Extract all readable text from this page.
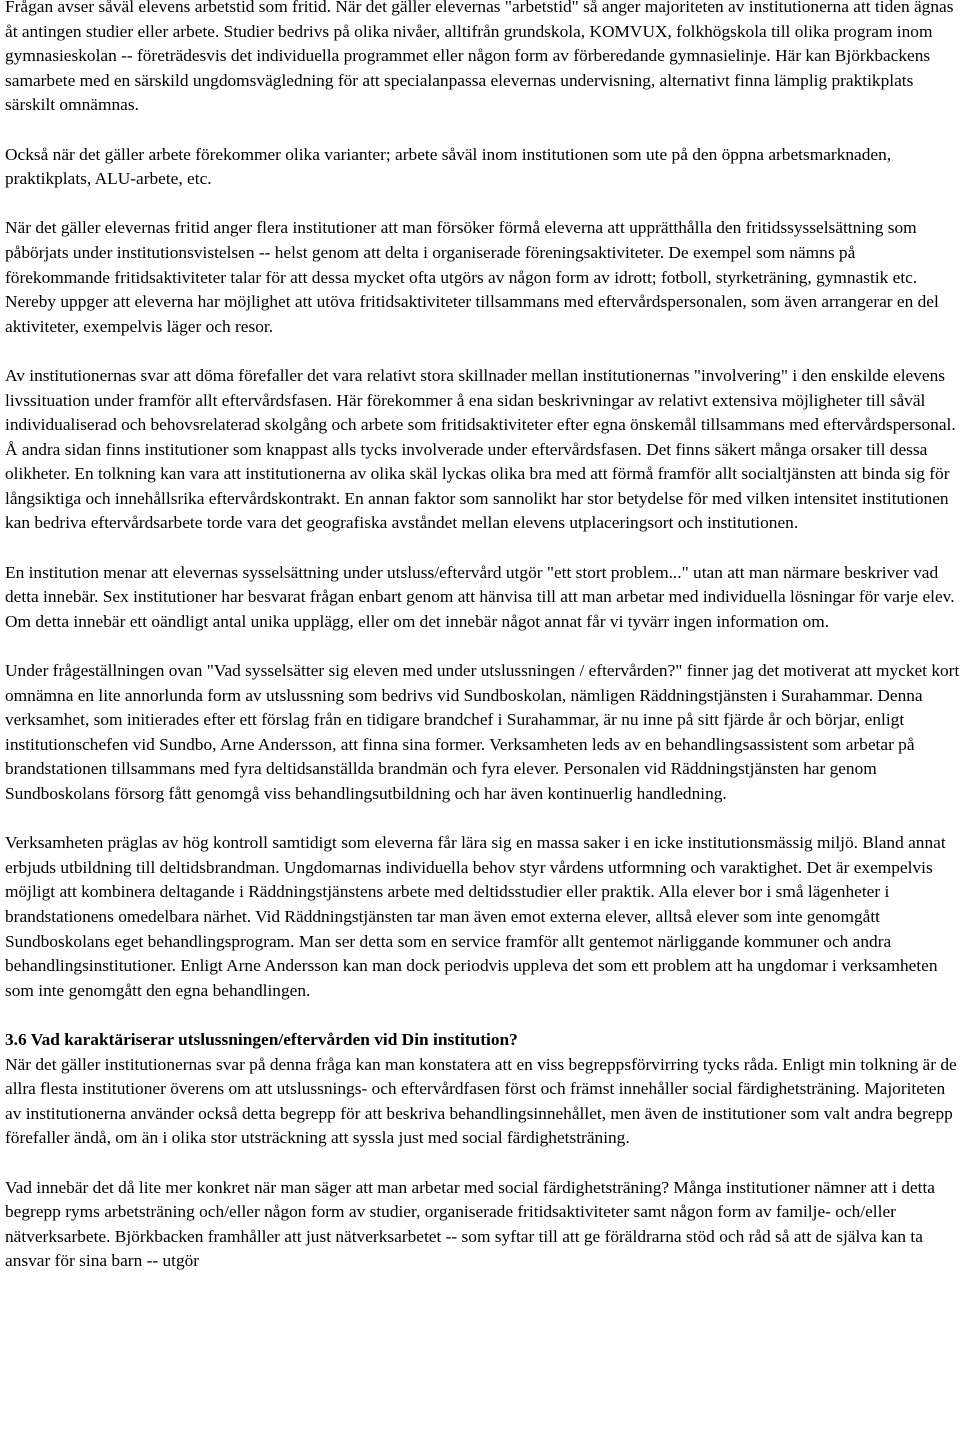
Frågan avser såväl elevens arbetstid som fritid. När det gäller elevernas "arbetstid" så anger majoriteten av institutionerna att tiden ägnas åt antingen studier eller arbete. Studier bedrivs på olika nivåer, alltifrån grundskola, KOMVUX, folkhögskola till olika program inom gymnasieskolan -- företrädesvis det individuella programmet eller någon form av förberedande gymnasielinje. Här kan Björkbackens samarbete med en särskild ungdomsvägledning för att specialanpassa elevernas undervisning, alternativt finna lämplig praktikplats särskilt omnämnas.

Också när det gäller arbete förekommer olika varianter; arbete såväl inom institutionen som ute på den öppna arbetsmarknaden, praktikplats, ALU-arbete, etc.

När det gäller elevernas fritid anger flera institutioner att man försöker förmå eleverna att upprätthålla den fritidssysselsättning som påbörjats under institutionsvistelsen -- helst genom att delta i organiserade föreningsaktiviteter. De exempel som nämns på förekommande fritidsaktiviteter talar för att dessa mycket ofta utgörs av någon form av idrott; fotboll, styrketräning, gymnastik etc. Nereby uppger att eleverna har möjlighet att utöva fritidsaktiviteter tillsammans med eftervårdspersonalen, som även arrangerar en del aktiviteter, exempelvis läger och resor.

Av institutionernas svar att döma förefaller det vara relativt stora skillnader mellan institutionernas "involvering" i den enskilde elevens livssituation under framför allt eftervårdsfasen. Här förekommer å ena sidan beskrivningar av relativt extensiva möjligheter till såväl individualiserad och behovsrelaterad skolgång och arbete som fritidsaktiviteter efter egna önskemål tillsammans med eftervårdspersonal. Å andra sidan finns institutioner som knappast alls tycks involverade under eftervårdsfasen. Det finns säkert många orsaker till dessa olikheter. En tolkning kan vara att institutionerna av olika skäl lyckas olika bra med att förmå framför allt socialtjänsten att binda sig för långsiktiga och innehållsrika eftervårdskontrakt. En annan faktor som sannolikt har stor betydelse för med vilken intensitet institutionen kan bedriva eftervårdsarbete torde vara det geografiska avståndet mellan elevens utplaceringsort och institutionen.

En institution menar att elevernas sysselsättning under utsluss/eftervård utgör "ett stort problem..." utan att man närmare beskriver vad detta innebär. Sex institutioner har besvarat frågan enbart genom att hänvisa till att man arbetar med individuella lösningar för varje elev. Om detta innebär ett oändligt antal unika upplägg, eller om det innebär något annat får vi tyvärr ingen information om.

Under frågeställningen ovan "Vad sysselsätter sig eleven med under utslussningen / eftervården?" finner jag det motiverat att mycket kort omnämna en lite annorlunda form av utslussning som bedrivs vid Sundboskolan, nämligen Räddningstjänsten i Surahammar. Denna verksamhet, som initierades efter ett förslag från en tidigare brandchef i Surahammar, är nu inne på sitt fjärde år och börjar, enligt institutionschefen vid Sundbo, Arne Andersson, att finna sina former. Verksamheten leds av en behandlingsassistent som arbetar på brandstationen tillsammans med fyra deltidsanställda brandmän och fyra elever. Personalen vid Räddningstjänsten har genom Sundboskolans försorg fått genomgå viss behandlingsutbildning och har även kontinuerlig handledning.

Verksamheten präglas av hög kontroll samtidigt som eleverna får lära sig en massa saker i en icke institutionsmässig miljö. Bland annat erbjuds utbildning till deltidsbrandman. Ungdomarnas individuella behov styr vårdens utformning och varaktighet. Det är exempelvis möjligt att kombinera deltagande i Räddningstjänstens arbete med deltidsstudier eller praktik. Alla elever bor i små lägenheter i brandstationens omedelbara närhet. Vid Räddningstjänsten tar man även emot externa elever, alltså elever som inte genomgått Sundboskolans eget behandlingsprogram. Man ser detta som en service framför allt gentemot närliggande kommuner och andra behandlingsinstitutioner. Enligt Arne Andersson kan man dock periodvis uppleva det som ett problem att ha ungdomar i verksamheten som inte genomgått den egna behandlingen.

3.6 Vad karaktäriserar utslussningen/eftervården vid Din institution?

När det gäller institutionernas svar på denna fråga kan man konstatera att en viss begreppsförvirring tycks råda. Enligt min tolkning är de allra flesta institutioner överens om att utslussnings- och eftervårdfasen först och främst innehåller social färdighetsträning. Majoriteten av institutionerna använder också detta begrepp för att beskriva behandlingsinnehållet, men även de institutioner som valt andra begrepp förefaller ändå, om än i olika stor utsträckning att syssla just med social färdighetsträning.

Vad innebär det då lite mer konkret när man säger att man arbetar med social färdighetsträning? Många institutioner nämner att i detta begrepp ryms arbetsträning och/eller någon form av studier, organiserade fritidsaktiviteter samt någon form av familje- och/eller nätverksarbete. Björkbacken framhåller att just nätverksarbetet -- som syftar till att ge föräldrarna stöd och råd så att de själva kan ta ansvar för sina barn -- utgör
